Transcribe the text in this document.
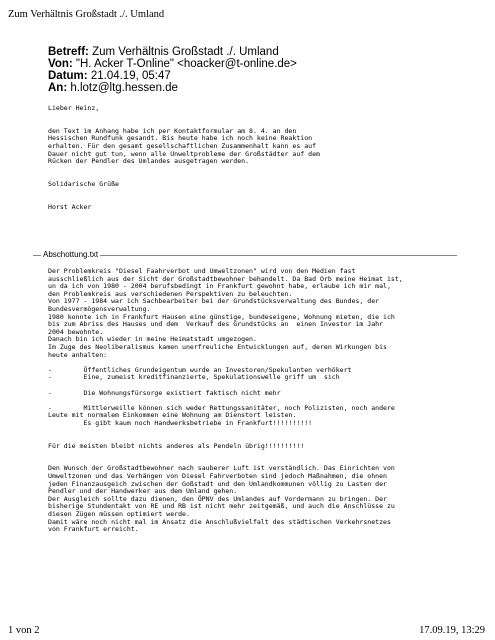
Zum Verhältnis Großstadt ./. Umland
Betreff: Zum Verhältnis Großstadt ./. Umland
Von: "H. Acker T-Online" <hoacker@t-online.de>
Datum: 21.04.19, 05:47
An: h.lotz@ltg.hessen.de
Lieber Heinz,

den Text im Anhang habe ich per Kontaktformular am 8. 4. an den
Hessischen Rundfunk gesandt. Bis heute habe ich noch keine Reaktion
erhalten. Für den gesamt gesellschaftlichen Zusammenhalt kann es auf
Dauer nicht gut tun, wenn alle Unweltprobleme der Großstädter auf dem
Rücken der Pendler des Umlandes ausgetragen werden.

Solidarische Grüße

Horst Acker
Abschottung.txt
Der Problemkreis "Diesel Faahrverbot und Umweltzonen" wird von den Medien fast
ausschließlich aus der Sicht der Großstadtbewohner behandelt. Da Bad Orb meine Heimat ist,
un da ich von 1980 - 2004 berufsbedingt in Frankfurt gewohnt habe, erlaube ich mir mal,
den Problemkreis aus verschiedenen Perspektiven zu beleuchten.
Von 1977 - 1984 war ich Sachbearbeiter bei der Grundstücksverwaltung des Bundes, der
Bundesvermögensverwaltung.
1980 konnte ich in Frankfurt Hausen eine günstige, bundeseigene, Wohnung mieten, die ich
bis zum Abriss des Hauses und dem  Verkauf des Grundstücks an  einen Investor im Jahr
2004 bewohnte.
Danach bin ich wieder in meine Heimatstadt umgezogen.
Im Zuge des Neoliberalismus kamen unerfreuliche Entwicklungen auf, deren Wirkungen bis
heute anhalten:

-        Öffentliches Grundeigentum wurde an Investoren/Spekulanten verhökert
-        Eine, zumeist kreditfinanzierte, Spekulationswelle griff um  sich

-        Die Wohnungsfürsorge existiert faktisch nicht mehr

-        Mittlerweille können sich weder Rettungssanitäter, noch Polizisten, noch andere
Leute mit normalem Einkommen eine Wohnung am Dienstort leisten.
Es gibt kaum noch Handwerksbetriebe in Frankfurt!!!!!!!!!!

Für die meisten bleibt nichts anderes als Pendeln übrig!!!!!!!!!!

Den Wunsch der Großstadtbewohner nach sauberer Luft ist verständlich. Das Einrichten von
Umweltzonen und das Verhängen von Diesel Fahrverboten sind jedoch Maßnahmen, die ohnen
jeden Finanzausgeich zwischen der Goßstadt und den Umlandkommunen völlig zu Lasten der
Pendler und der Handwerker aus dem Umland gehen.
Der Ausgleich sollte dazu dienen, den ÖPNV des Umlandes auf Vordermann zu bringen. Der
bisherige Stundentakt von RE und RB ist nicht mehr zeitgemäß, und auch die Anschlüsse zu
diesen Zügen müssen optimiert werde.
Damit wäre noch nicht mal im Ansatz die Anschlußvielfalt des städtischen Verkehrsnetzes
von Frankfurt erreicht.
1 von 2	17.09.19, 13:29
